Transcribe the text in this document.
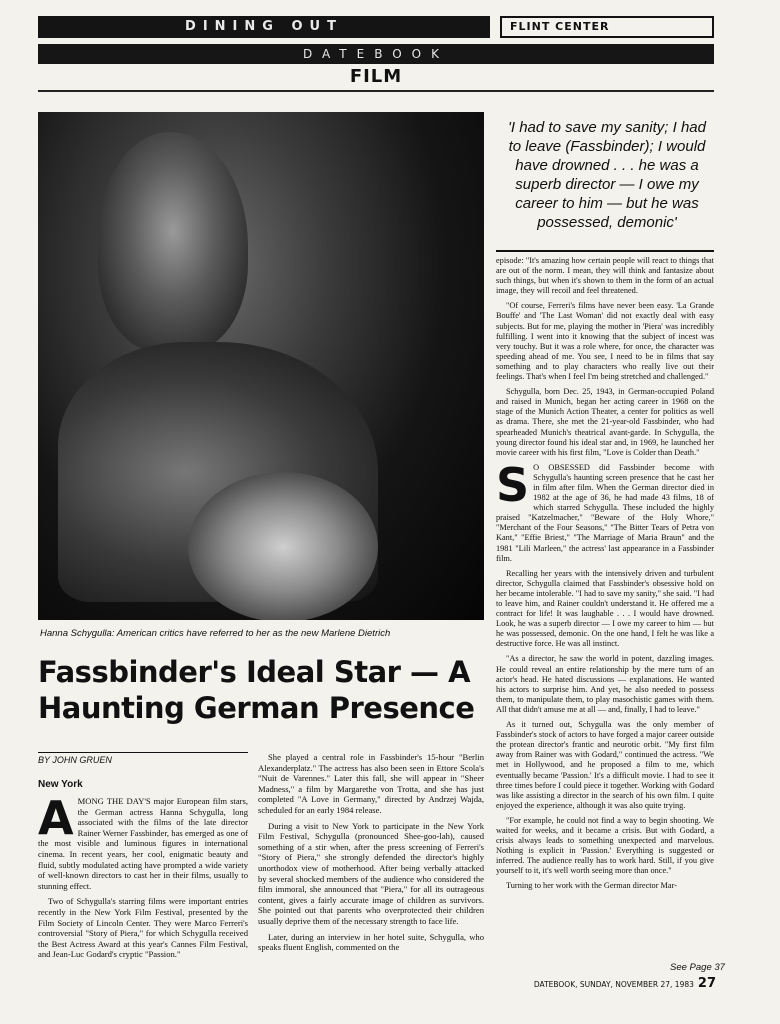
DINING OUT	FLINT CENTER
DATEBOOK
FILM
Hanna Schygulla: American critics have referred to her as the new Marlene Dietrich
Fassbinder's Ideal Star — A
Haunting German Presence
BY JOHN GRUEN
New York

AMONG THE DAY'S major European film stars, the German actress Hanna Schygulla, long associated with the films of the late director Rainer Werner Fassbinder, has emerged as one of the most visible and luminous figures in international cinema. In recent years, her cool, enigmatic beauty and fluid, subtly modulated acting have prompted a wide variety of well-known directors to cast her in their films, usually to stunning effect.

Two of Schygulla's starring films were important entries recently in the New York Film Festival, presented by the Film Society of Lincoln Center. They were Marco Ferreri's controversial "Story of Piera," for which Schygulla received the Best Actress Award at this year's Cannes Film Festival, and Jean-Luc Godard's cryptic "Passion."

She played a central role in Fassbinder's 15-hour "Berlin Alexanderplatz." The actress has also been seen in Ettore Scola's "Nuit de Varennes." Later this fall, she will appear in "Sheer Madness," a film by Margarethe von Trotta, and she has just completed "A Love in Germany," directed by Andrzej Wajda, scheduled for an early 1984 release.

During a visit to New York to participate in the New York Film Festival, Schygulla (pronounced Shee-goo-lah), caused something of a stir when, after the press screening of Ferreri's "Story of Piera," she strongly defended the director's highly unorthodox view of motherhood. After being verbally attacked by several shocked members of the audience who considered the film immoral, she announced that "Piera," for all its outrageous content, gives a fairly accurate image of children as survivors. She pointed out that parents who overprotected their children usually deprive them of the necessary strength to face life.

Later, during an interview in her hotel suite, Schygulla, who speaks fluent English, commented on the

'I had to save my sanity; I had to leave (Fassbinder); I would have drowned . . . he was a superb director — I owe my career to him — but he was possessed, demonic'

episode: "It's amazing how certain people will react to things that are out of the norm. I mean, they will think and fantasize about such things, but when it's shown to them in the form of an actual image, they will recoil and feel threatened.

"Of course, Ferreri's films have never been easy. 'La Grande Bouffe' and 'The Last Woman' did not exactly deal with easy subjects. But for me, playing the mother in 'Piera' was incredibly fulfilling. I went into it knowing that the subject of incest was very touchy. But it was a role where, for once, the character was speeding ahead of me. You see, I need to be in films that say something and to play characters who really live out their feelings. That's when I feel I'm being stretched and challenged."

Schygulla, born Dec. 25, 1943, in German-occupied Poland and raised in Munich, began her acting career in 1968 on the stage of the Munich Action Theater, a center for politics as well as drama. There, she met the 21-year-old Fassbinder, who had spearheaded Munich's theatrical avant-garde. In Schygulla, the young director found his ideal star and, in 1969, he launched her movie career with his first film, "Love is Colder than Death."

S O OBSESSED did Fassbinder become with Schygulla's haunting screen presence that he cast her in film after film. When the German director died in 1982 at the age of 36, he had made 43 films, 18 of which starred Schygulla. These included the highly praised "Katzelmacher," "Beware of the Holy Whore," "Merchant of the Four Seasons," "The Bitter Tears of Petra von Kant," "Effie Briest," "The Marriage of Maria Braun" and the 1981 "Lili Marleen," the actress' last appearance in a Fassbinder film.

Recalling her years with the intensively driven and turbulent director, Schygulla claimed that Fassbinder's obsessive hold on her became intolerable. "I had to save my sanity," she said. "I had to leave him, and Rainer couldn't understand it. He offered me a contract for life! It was laughable . . . I would have drowned. Look, he was a superb director — I owe my career to him — but he was possessed, demonic. On the one hand, I felt he was like a destructive force. He was all instinct.

"As a director, he saw the world in potent, dazzling images. He could reveal an entire relationship by the mere turn of an actor's head. He hated discussions — explanations. He wanted his actors to surprise him. And yet, he also needed to possess them, to manipulate them, to play masochistic games with them. All that didn't amuse me at all — and, finally, I had to leave."

As it turned out, Schygulla was the only member of Fassbinder's stock of actors to have forged a major career outside the protean director's frantic and neurotic orbit. "My first film away from Rainer was with Godard," continued the actress. "We met in Hollywood, and he proposed a film to me, which eventually became 'Passion.' It's a difficult movie. I had to see it three times before I could piece it together. Working with Godard was like assisting a director in the search of his own film. I quite enjoyed the experience, although it was also quite trying.

"For example, he could not find a way to begin shooting. We waited for weeks, and it became a crisis. But with Godard, a crisis always leads to something unexpected and marvelous. Nothing is explicit in 'Passion.' Everything is suggested or inferred. The audience really has to work hard. Still, if you give yourself to it, it's well worth seeing more than once."

Turning to her work with the German director Mar-

See Page 37
DATEBOOK, SUNDAY, NOVEMBER 27, 1983 27
